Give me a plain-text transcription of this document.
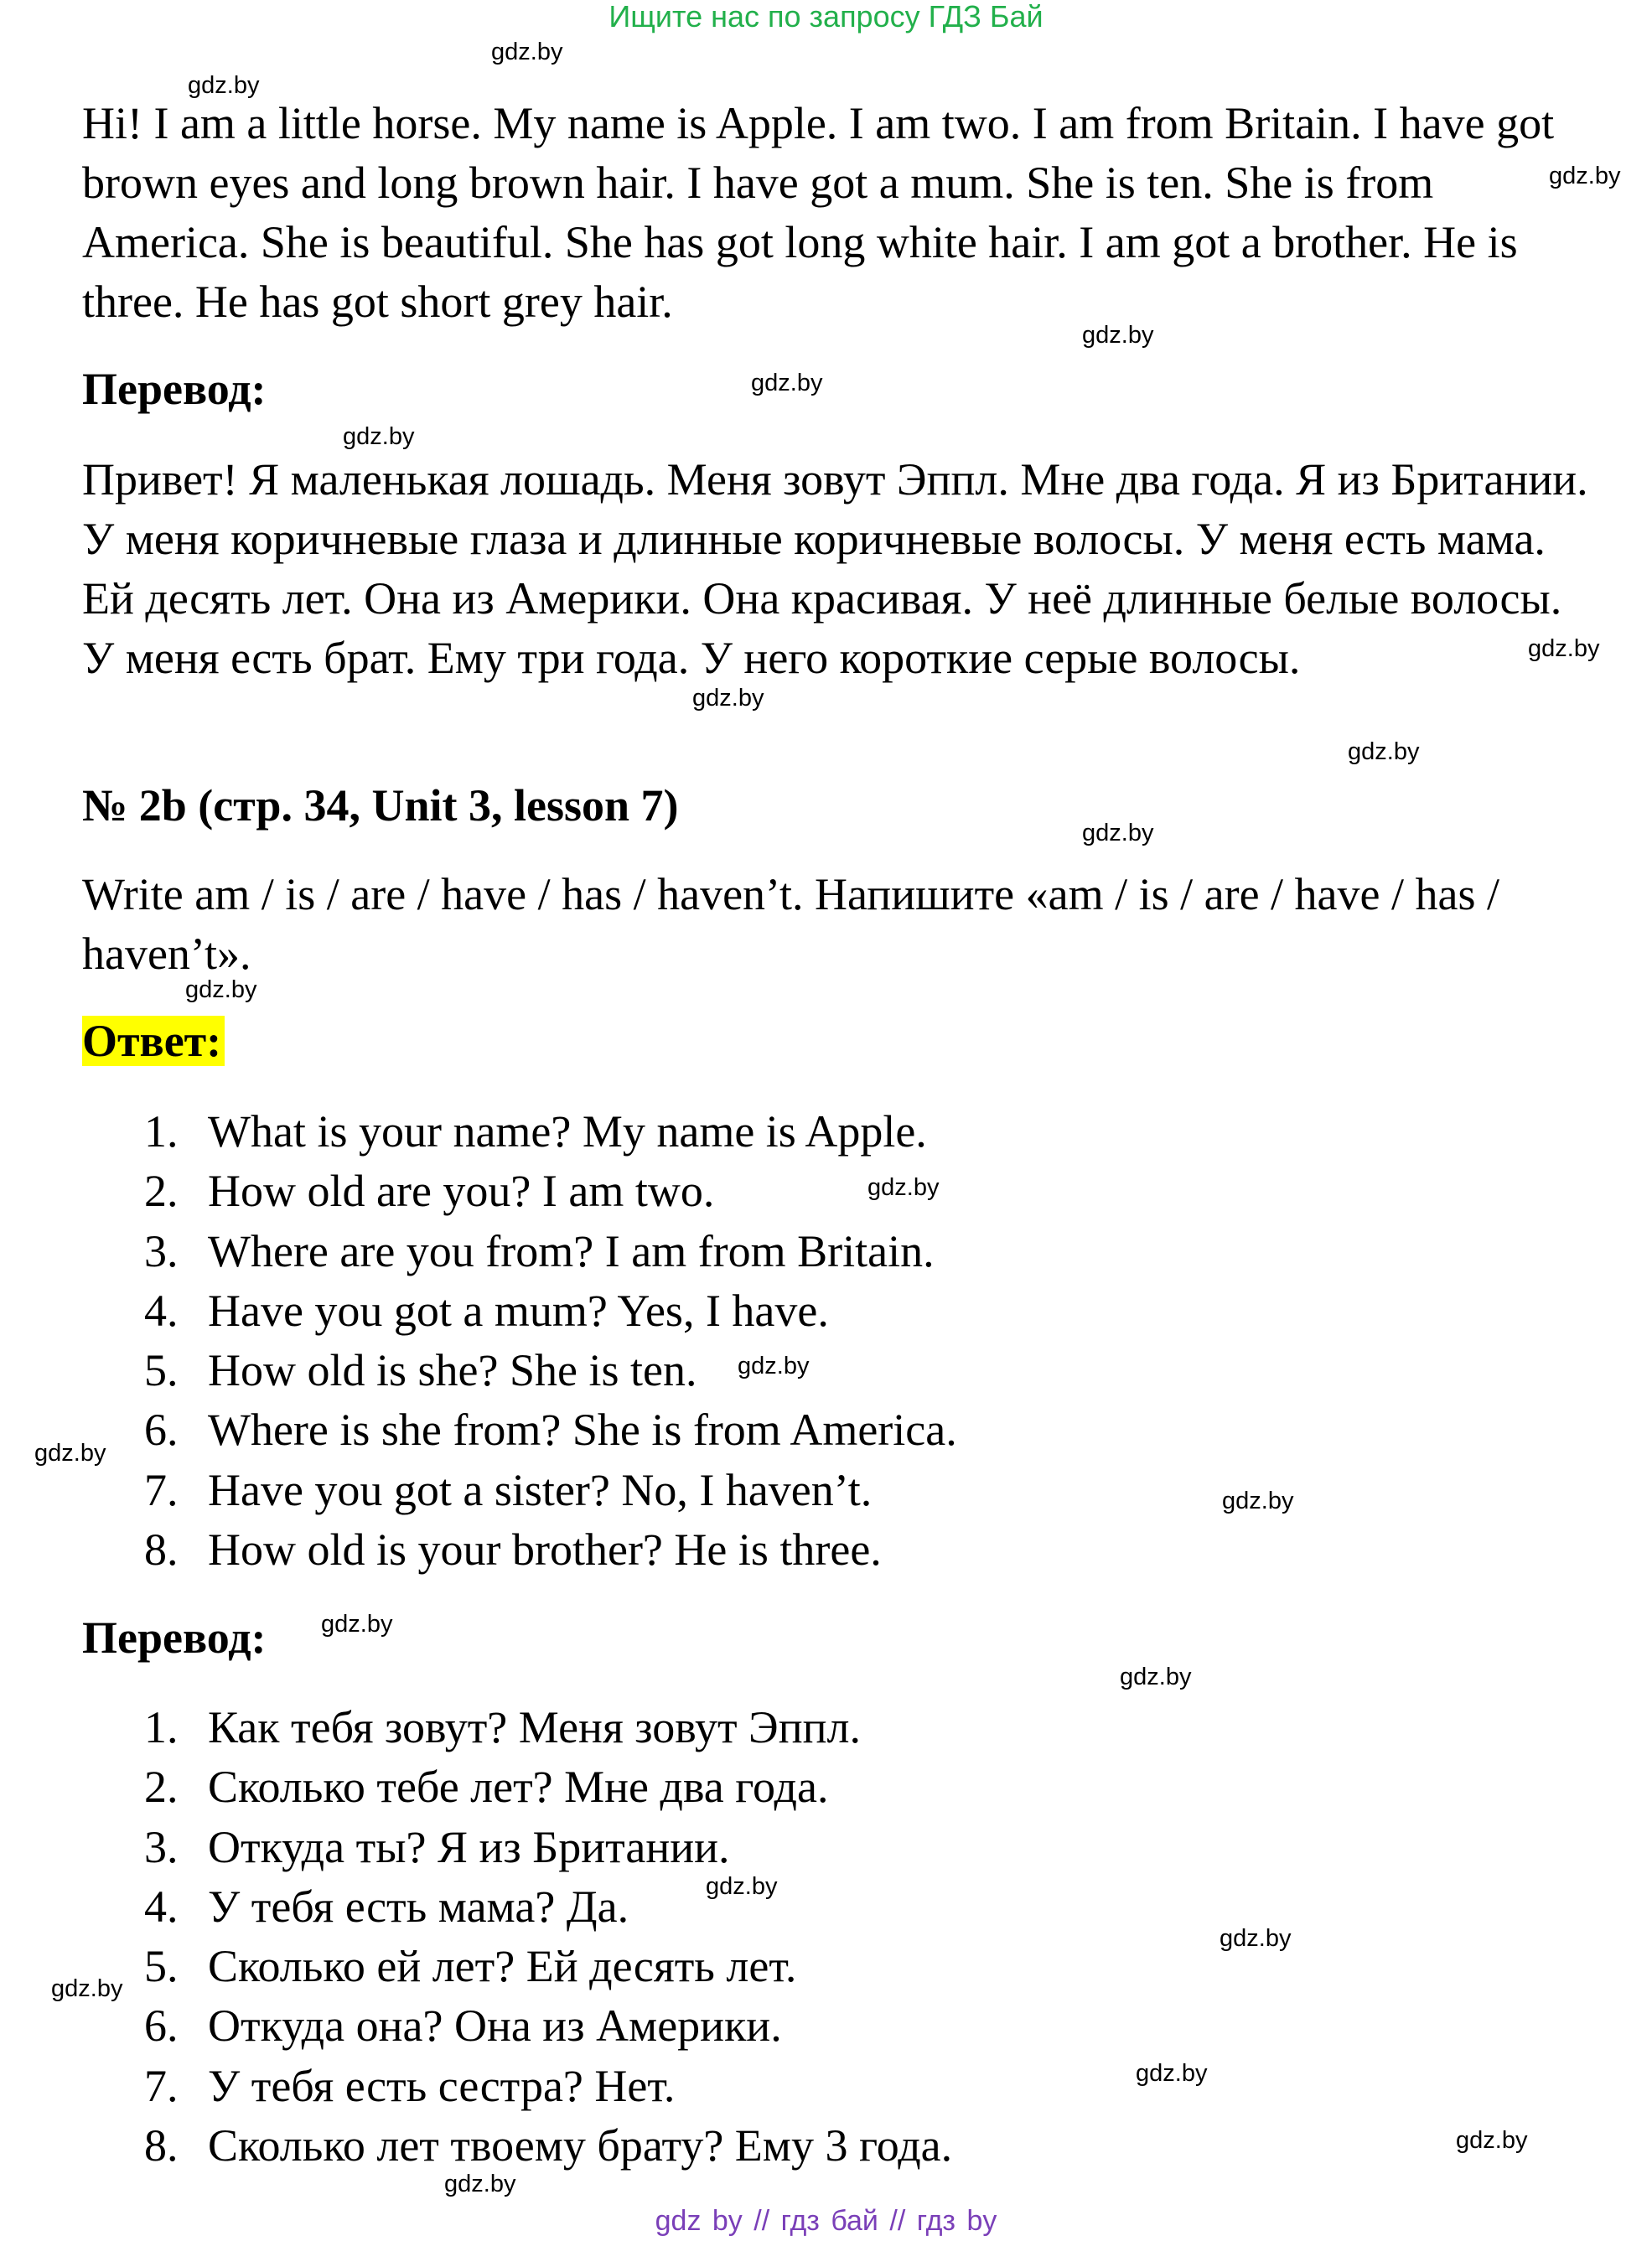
Ищите нас по запросу ГДЗ Бай

Hi! I am a little horse. My name is Apple. I am two. I am from Britain. I have got brown eyes and long brown hair. I have got a mum. She is ten. She is from America. She is beautiful. She has got long white hair. I am got a brother. He is three. He has got short grey hair.

Перевод:

Привет! Я маленькая лошадь. Меня зовут Эппл. Мне два года. Я из Британии. У меня коричневые глаза и длинные коричневые волосы. У меня есть мама. Ей десять лет. Она из Америки. Она красивая. У неё длинные белые волосы. У меня есть брат. Ему три года. У него короткие серые волосы.

№ 2b (стр. 34, Unit 3, lesson 7)

Write am / is / are / have / has / haven’t. Напишите «am / is / are / have / has / haven’t».

Ответ:

1. What is your name? My name is Apple.
2. How old are you? I am two.
3. Where are you from? I am from Britain.
4. Have you got a mum? Yes, I have.
5. How old is she? She is ten.
6. Where is she from? She is from America.
7. Have you got a sister? No, I haven’t.
8. How old is your brother? He is three.

Перевод:

1. Как тебя зовут? Меня зовут Эппл.
2. Сколько тебе лет? Мне два года.
3. Откуда ты? Я из Британии.
4. У тебя есть мама? Да.
5. Сколько ей лет? Ей десять лет.
6. Откуда она? Она из Америки.
7. У тебя есть сестра? Нет.
8. Сколько лет твоему брату? Ему 3 года.
gdz.by
gdz.by
gdz.by
gdz.by
gdz.by
gdz.by
gdz.by
gdz.by
gdz.by
gdz.by
gdz.by
gdz.by
gdz.by
gdz.by
gdz.by
gdz.by
gdz.by
gdz.by
gdz.by
gdz.by
gdz.by
gdz.by
gdz.by
gdz by // гдз бай // гдз by
